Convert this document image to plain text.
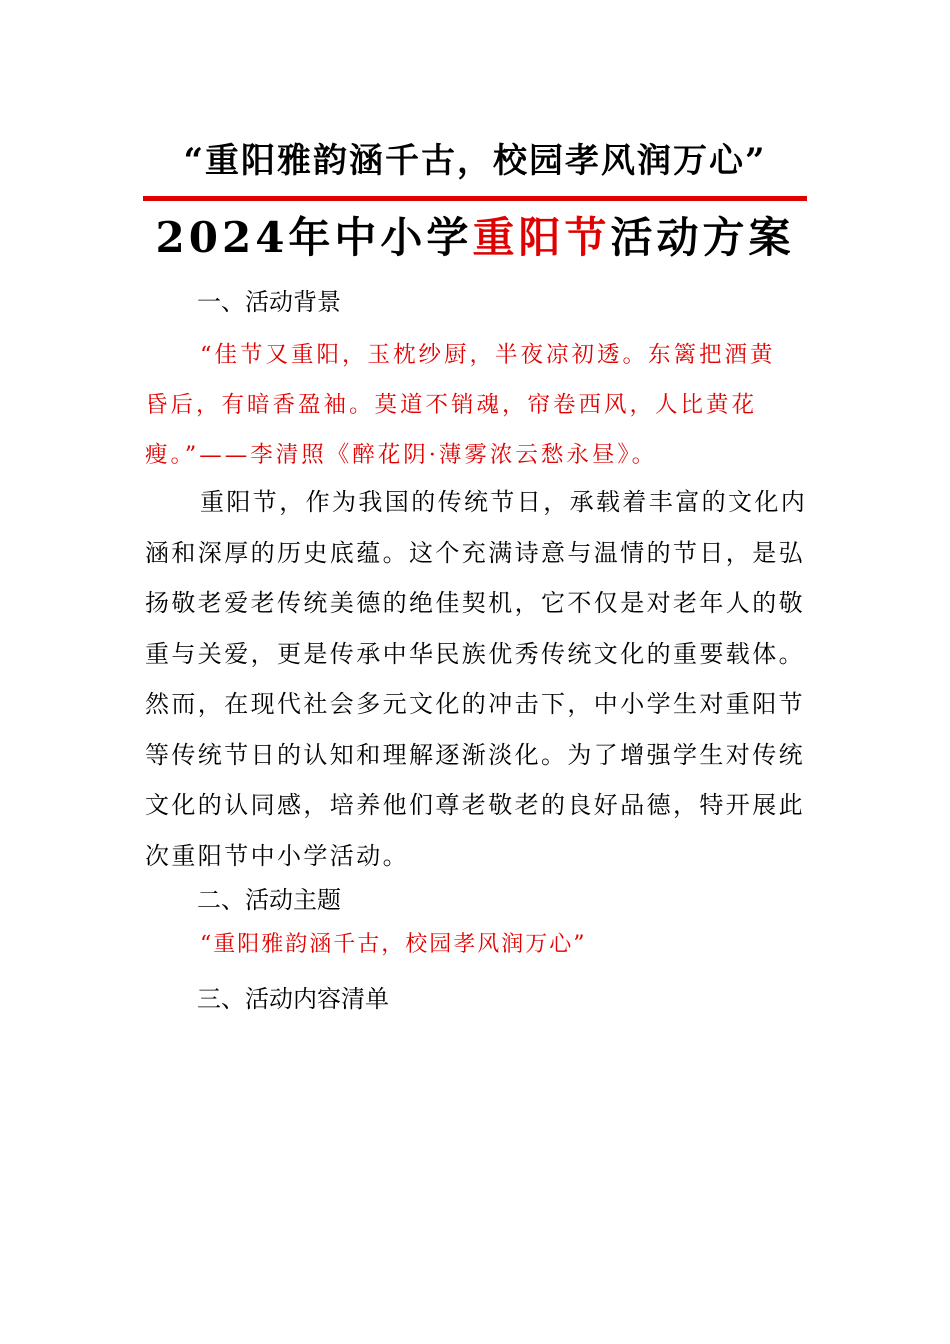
“重阳雅韵涵千古，校园孝风润万心”
2024年中小学重阳节活动方案
一、活动背景
“佳节又重阳，玉枕纱厨，半夜凉初透。东篱把酒黄
昏后，有暗香盈袖。莫道不销魂，帘卷西风，人比黄花
瘦。”——李清照《醉花阴·薄雾浓云愁永昼》。
重阳节，作为我国的传统节日，承载着丰富的文化内
涵和深厚的历史底蕴。这个充满诗意与温情的节日，是弘
扬敬老爱老传统美德的绝佳契机，它不仅是对老年人的敬
重与关爱，更是传承中华民族优秀传统文化的重要载体。
然而，在现代社会多元文化的冲击下，中小学生对重阳节
等传统节日的认知和理解逐渐淡化。为了增强学生对传统
文化的认同感，培养他们尊老敬老的良好品德，特开展此
次重阳节中小学活动。
二、活动主题
“重阳雅韵涵千古，校园孝风润万心”
三、活动内容清单
